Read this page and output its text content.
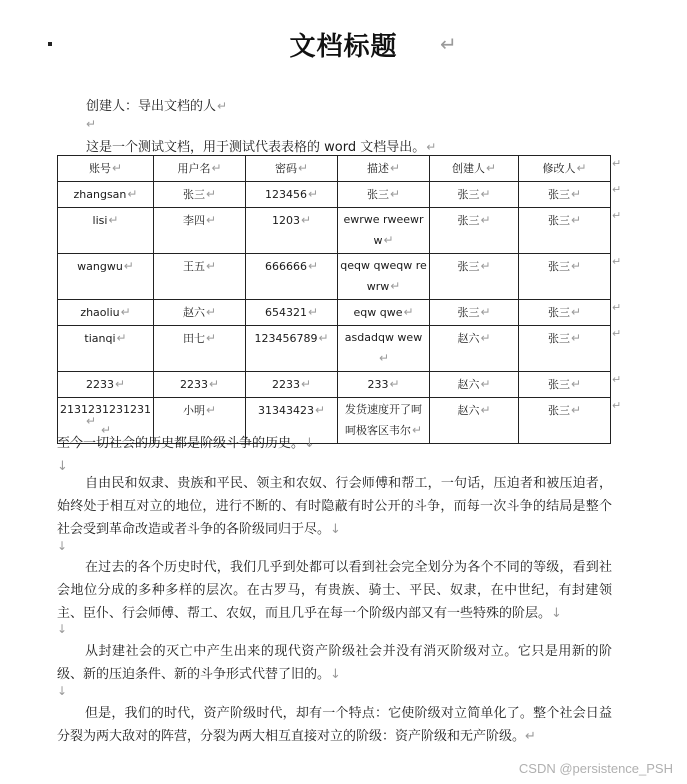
文档标题	↵
创建人：导出文档的人↵
↵
这是一个测试文档，用于测试代表表格的 word 文档导出。↵
账号↵	用户名↵	密码↵	描述↵	创建人↵	修改人↵
zhangsan↵	张三↵	123456↵	张三↵	张三↵	张三↵
lisi↵	李四↵	1203↵	ewrwe rweewrw↵	张三↵	张三↵
wangwu↵	王五↵	666666↵	qeqw qweqw rewrw↵	张三↵	张三↵
zhaoliu↵	赵六↵	654321↵	eqw qwe↵	张三↵	张三↵
tianqi↵	田七↵	123456789↵	asdadqw wew↵	赵六↵	张三↵
2233↵	2233↵	2233↵	233↵	赵六↵	张三↵
2131231231231↵	小明↵	31343423↵	发货速度开了呵呵极客区韦尔↵	赵六↵	张三↵
↵
↵
↵
↵
↵
↵
↵
↵
↵
至今一切社会的历史都是阶级斗争的历史。↓
↓
自由民和奴隶、贵族和平民、领主和农奴、行会师傅和帮工，一句话，压迫者和被压迫者，始终处于相互对立的地位，进行不断的、有时隐蔽有时公开的斗争，而每一次斗争的结局是整个社会受到革命改造或者斗争的各阶级同归于尽。↓
↓
在过去的各个历史时代，我们几乎到处都可以看到社会完全划分为各个不同的等级，看到社会地位分成的多种多样的层次。在古罗马，有贵族、骑士、平民、奴隶，在中世纪，有封建领主、臣仆、行会师傅、帮工、农奴，而且几乎在每一个阶级内部又有一些特殊的阶层。↓
↓
从封建社会的灭亡中产生出来的现代资产阶级社会并没有消灭阶级对立。它只是用新的阶级、新的压迫条件、新的斗争形式代替了旧的。↓
↓
但是，我们的时代，资产阶级时代，却有一个特点：它使阶级对立简单化了。整个社会日益分裂为两大敌对的阵营，分裂为两大相互直接对立的阶级：资产阶级和无产阶级。↵
CSDN @persistence_PSH
